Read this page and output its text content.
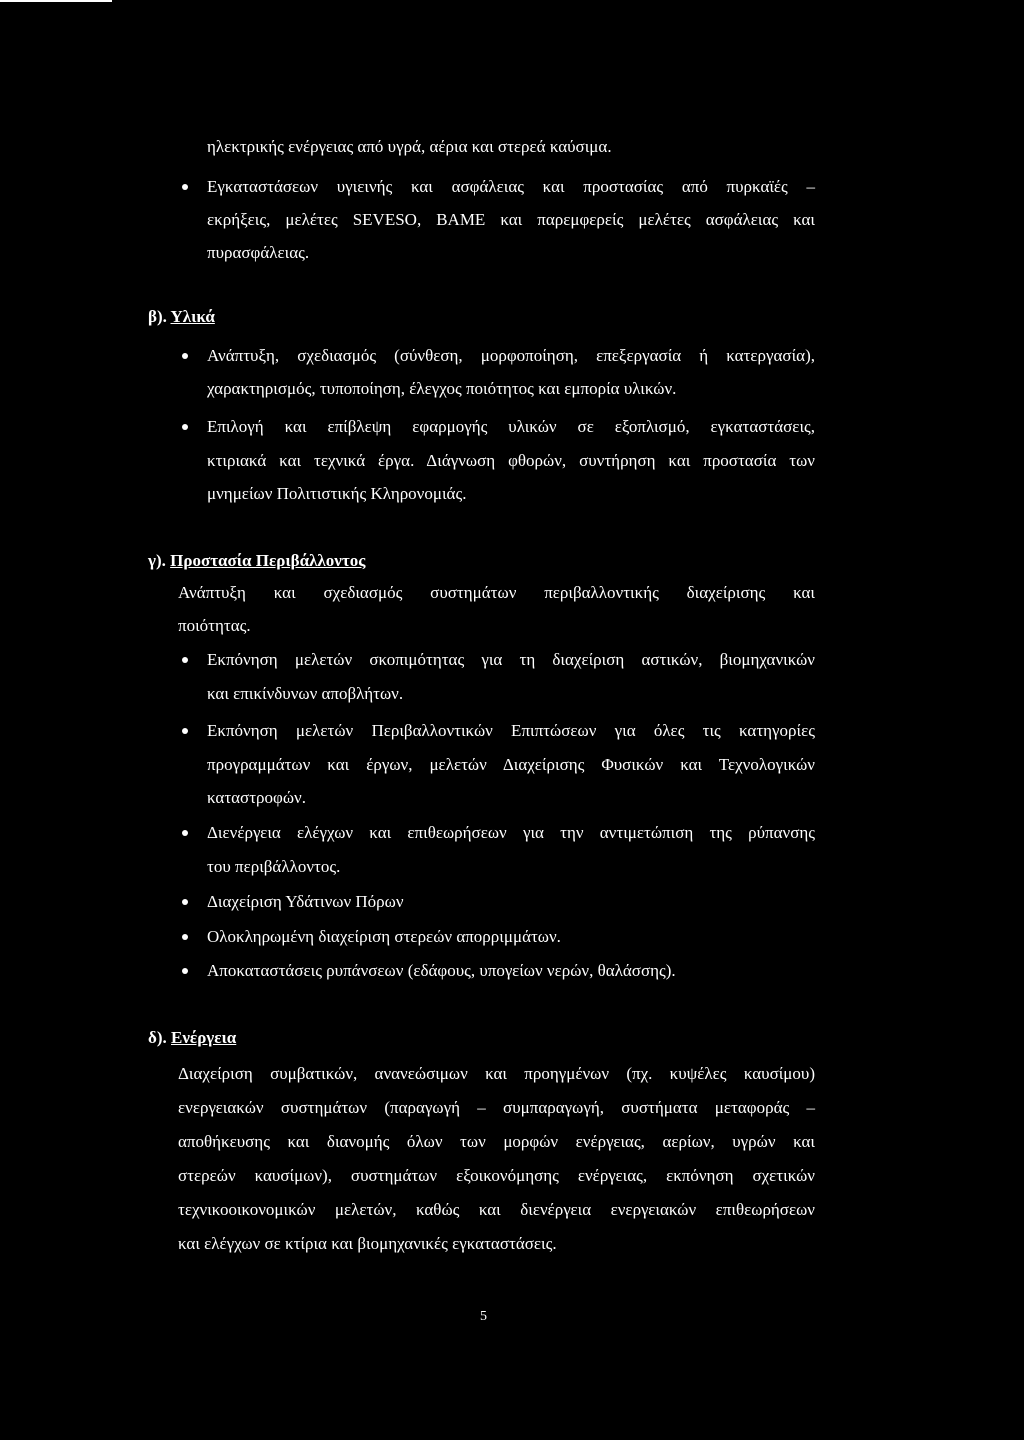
ηλεκτρικής ενέργειας από υγρά, αέρια και στερεά καύσιμα.
Εγκαταστάσεων υγιεινής και ασφάλειας και προστασίας από πυρκαϊές –
εκρήξεις, μελέτες SEVESO, ΒΑΜΕ και παρεμφερείς μελέτες ασφάλειας και
πυρασφάλειας.
β). Υλικά
Ανάπτυξη, σχεδιασμός (σύνθεση, μορφοποίηση, επεξεργασία ή κατεργασία),
χαρακτηρισμός, τυποποίηση, έλεγχος ποιότητος και εμπορία υλικών.
Επιλογή και επίβλεψη εφαρμογής υλικών σε εξοπλισμό, εγκαταστάσεις,
κτιριακά και τεχνικά έργα. Διάγνωση φθορών, συντήρηση και προστασία των
μνημείων Πολιτιστικής Κληρονομιάς.
γ). Προστασία Περιβάλλοντος
Ανάπτυξη και σχεδιασμός συστημάτων περιβαλλοντικής διαχείρισης και
ποιότητας.
Εκπόνηση μελετών σκοπιμότητας για τη διαχείριση αστικών, βιομηχανικών
και επικίνδυνων αποβλήτων.
Εκπόνηση μελετών Περιβαλλοντικών Επιπτώσεων για όλες τις κατηγορίες
προγραμμάτων και έργων, μελετών Διαχείρισης Φυσικών και Τεχνολογικών
καταστροφών.
Διενέργεια ελέγχων και επιθεωρήσεων για την αντιμετώπιση της ρύπανσης
του περιβάλλοντος.
Διαχείριση Υδάτινων Πόρων
Ολοκληρωμένη διαχείριση στερεών απορριμμάτων.
Αποκαταστάσεις ρυπάνσεων (εδάφους, υπογείων νερών, θαλάσσης).
δ). Ενέργεια
Διαχείριση συμβατικών, ανανεώσιμων και προηγμένων (πχ. κυψέλες καυσίμου)
ενεργειακών συστημάτων (παραγωγή – συμπαραγωγή, συστήματα μεταφοράς –
αποθήκευσης και διανομής όλων των μορφών ενέργειας, αερίων, υγρών και
στερεών καυσίμων), συστημάτων εξοικονόμησης ενέργειας, εκπόνηση σχετικών
τεχνικοοικονομικών μελετών, καθώς και διενέργεια ενεργειακών επιθεωρήσεων
και ελέγχων σε κτίρια και βιομηχανικές εγκαταστάσεις.
5
